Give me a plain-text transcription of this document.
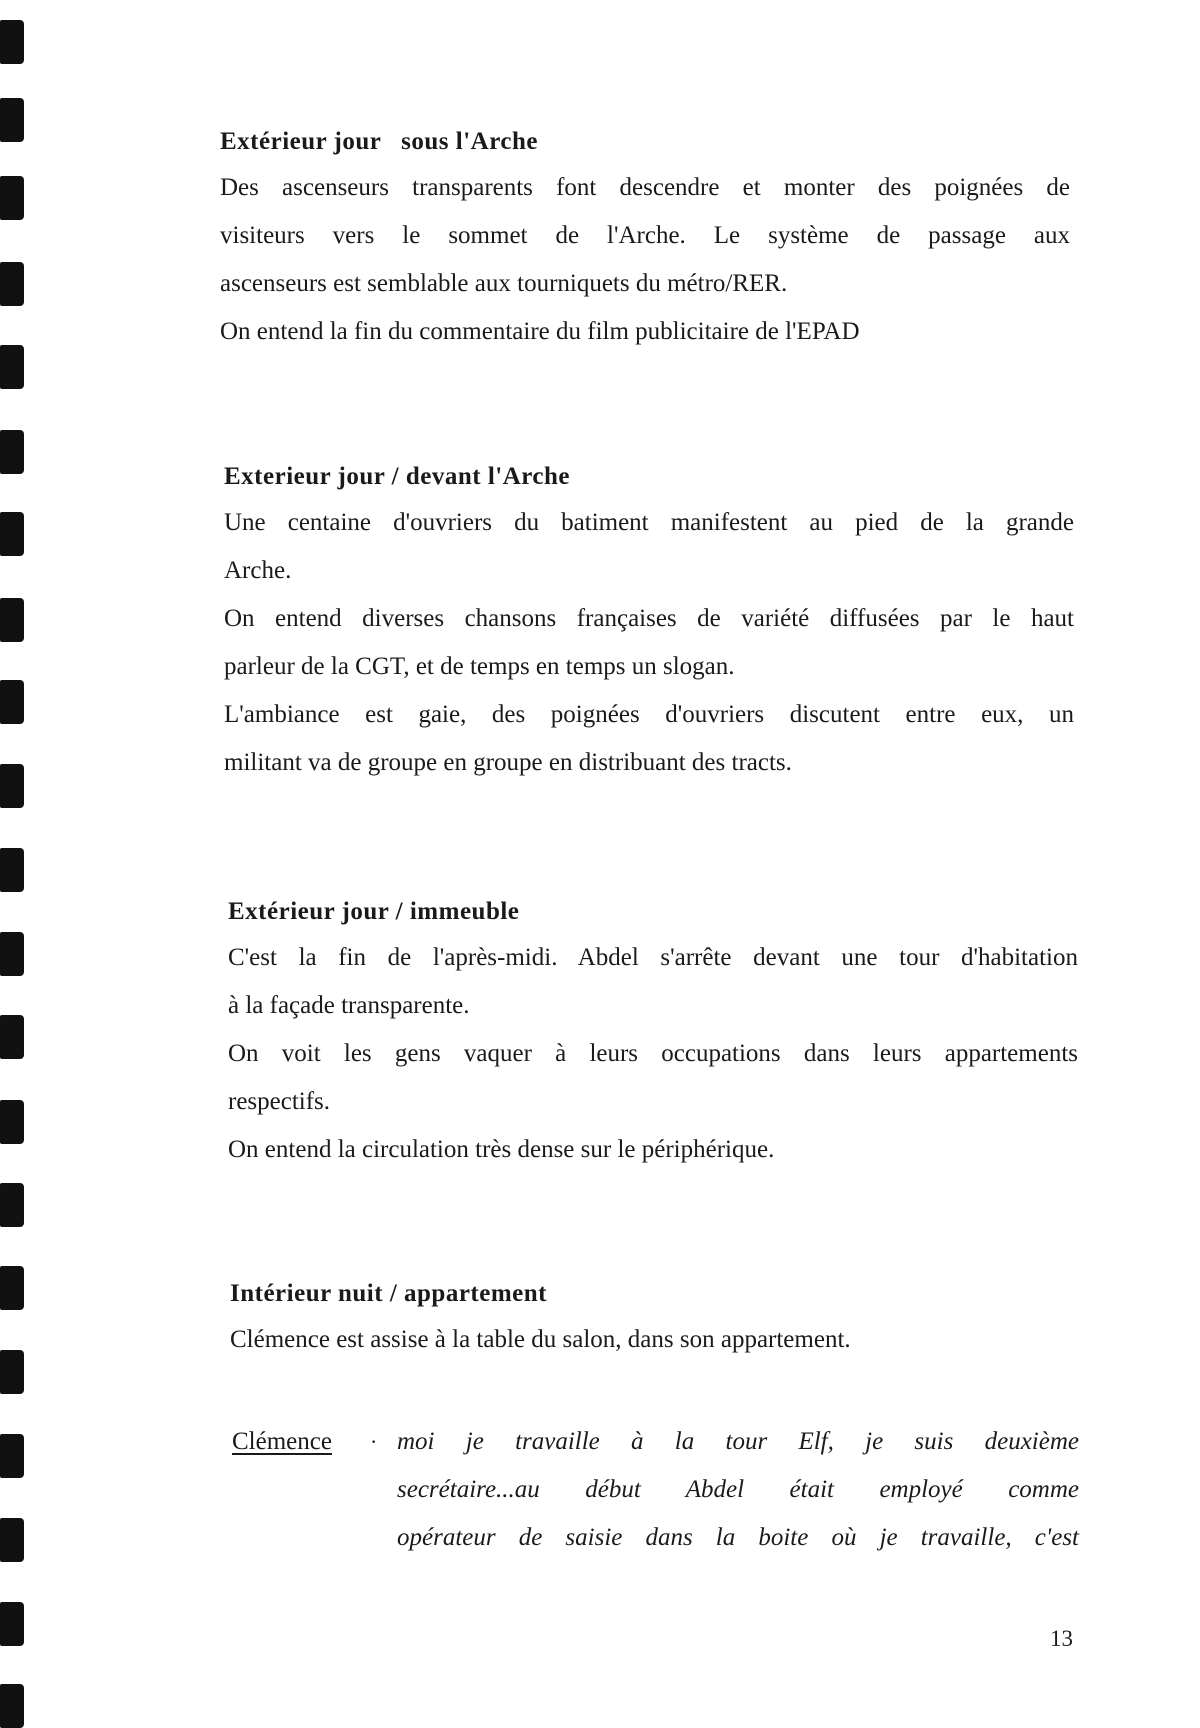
Extérieur jour   sous l'Arche

Des ascenseurs transparents font descendre et monter des poignées de

visiteurs vers le sommet de l'Arche. Le système de passage aux

ascenseurs est semblable aux tourniquets du métro/RER.

On entend la fin du commentaire du film publicitaire de l'EPAD

Exterieur jour / devant l'Arche

Une centaine d'ouvriers du batiment manifestent au pied de la grande

Arche.

On entend diverses chansons françaises de variété diffusées par le haut

parleur de la CGT, et de temps en temps un slogan.

L'ambiance est gaie, des poignées d'ouvriers discutent entre eux, un

militant va de groupe en groupe en distribuant des tracts.

Extérieur jour / immeuble

C'est la fin de l'après-midi. Abdel s'arrête devant une tour d'habitation

à la façade transparente.

On voit les gens vaquer à leurs occupations dans leurs appartements

respectifs.

On entend la circulation très dense sur le périphérique.

Intérieur nuit / appartement

Clémence est assise à la table du salon, dans son appartement.

Clémence · moi je travaille à la tour Elf, je suis deuxième

secrétaire...au début Abdel était employé comme

opérateur de saisie dans la boite où je travaille, c'est

13
